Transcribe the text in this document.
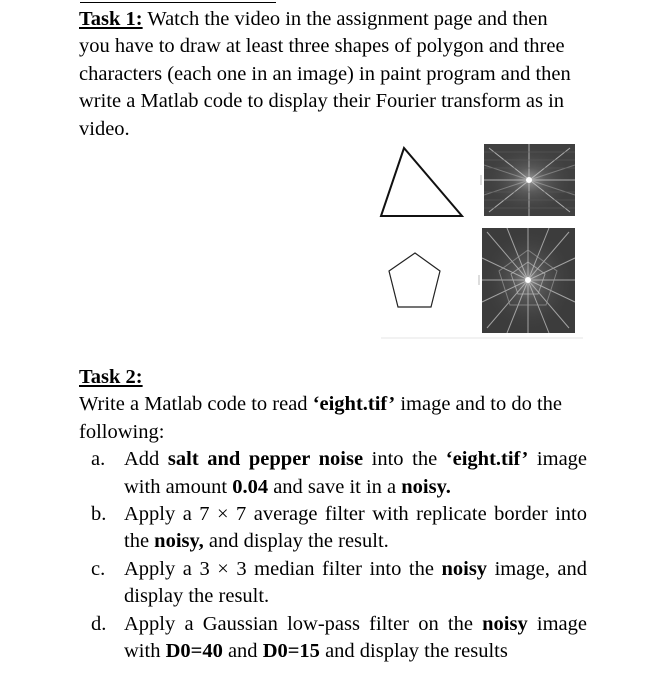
Task 1: Watch the video in the assignment page and then you have to draw at least three shapes of polygon and three characters (each one in an image) in paint program and then write a Matlab code to display their Fourier transform as in video.
Task 2:
Write a Matlab code to read ‘eight.tif’ image and to do the following:
a. Add salt and pepper noise into the ‘eight.tif’ image with amount 0.04 and save it in a noisy.
b. Apply a 7 × 7 average filter with replicate border into the noisy, and display the result.
c. Apply a 3 × 3 median filter into the noisy image, and display the result.
d. Apply a Gaussian low-pass filter on the noisy image with D0=40 and D0=15 and display the results
